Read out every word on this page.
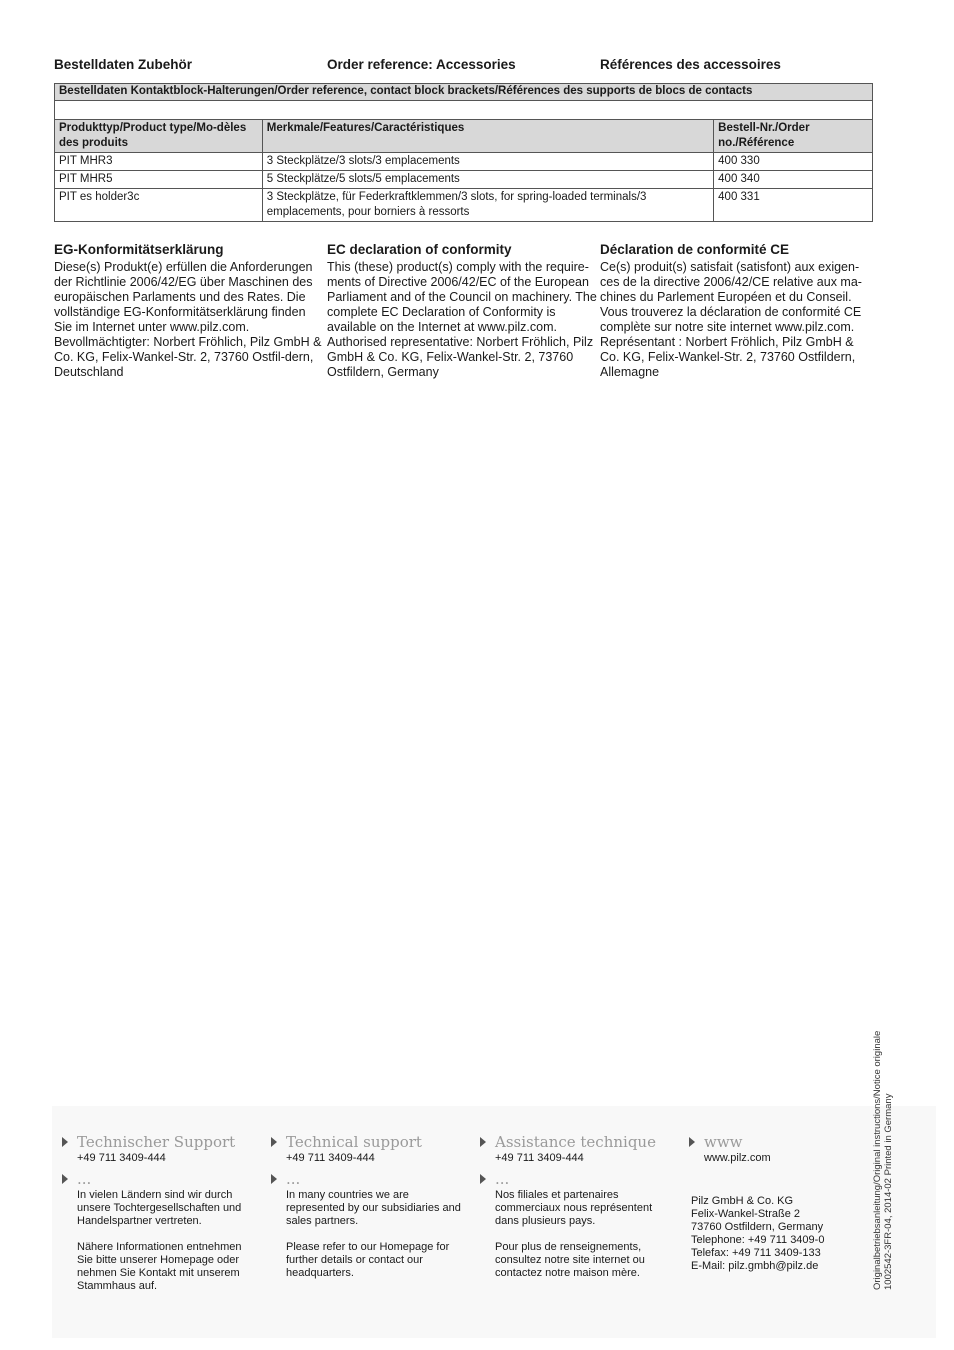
Bestelldaten Zubehör	Order reference: Accessories	Références des accessoires
Bestelldaten Kontaktblock-Halterungen/Order reference, contact block brackets/Références des supports de blocs de contacts		

Produkttyp/Product type/Mo-dèles des produits	Merkmale/Features/Caractéristiques	Bestell-Nr./Order no./Référence
PIT MHR3	3 Steckplätze/3 slots/3 emplacements	400 330
PIT MHR5	5 Steckplätze/5 slots/5 emplacements	400 340
PIT es holder3c	3 Steckplätze, für Federkraftklemmen/3 slots, for spring-loaded terminals/3 emplacements, pour borniers à ressorts	400 331
EG-Konformitätserklärung

Diese(s) Produkt(e) erfüllen die Anforderungen der Richtlinie 2006/42/EG über Maschinen des europäischen Parlaments und des Rates. Die vollständige EG-Konformitätserklärung finden Sie im Internet unter www.pilz.com. Bevollmächtigter: Norbert Fröhlich, Pilz GmbH & Co. KG, Felix-Wankel-Str. 2, 73760 Ostfil-dern, Deutschland

EC declaration of conformity

This (these) product(s) comply with the require-ments of Directive 2006/42/EC of the European Parliament and of the Council on machinery. The complete EC Declaration of Conformity is available on the Internet at www.pilz.com. Authorised representative: Norbert Fröhlich, Pilz GmbH & Co. KG, Felix-Wankel-Str. 2, 73760 Ostfildern, Germany

Déclaration de conformité CE

Ce(s) produit(s) satisfait (satisfont) aux exigen-ces de la directive 2006/42/CE relative aux ma-chines du Parlement Européen et du Conseil. Vous trouverez la déclaration de conformité CE complète sur notre site internet www.pilz.com. Représentant : Norbert Fröhlich, Pilz GmbH & Co. KG, Felix-Wankel-Str. 2, 73760 Ostfildern, Allemagne

Technischer Support
+49 711 3409-444
...
In vielen Ländern sind wir durch unsere Tochtergesellschaften und Handelspartner vertreten.
Nähere Informationen entnehmen Sie bitte unserer Homepage oder nehmen Sie Kontakt mit unserem Stammhaus auf.
Technical support
+49 711 3409-444
...
In many countries we are represented by our subsidiaries and sales partners.
Please refer to our Homepage for further details or contact our headquarters.
Assistance technique
+49 711 3409-444
...
Nos filiales et partenaires commerciaux nous représentent dans plusieurs pays.
Pour plus de renseignements, consultez notre site internet ou contactez notre maison mère.
www
www.pilz.com
Pilz GmbH & Co. KG
Felix-Wankel-Straße 2
73760 Ostfildern, Germany
Telephone: +49 711 3409-0
Telefax: +49 711 3409-133
E-Mail: pilz.gmbh@pilz.de	Originalbetriebsanleitung/Original instructions/Notice originale 1002542-3FR-04, 2014-02 Printed in Germany
